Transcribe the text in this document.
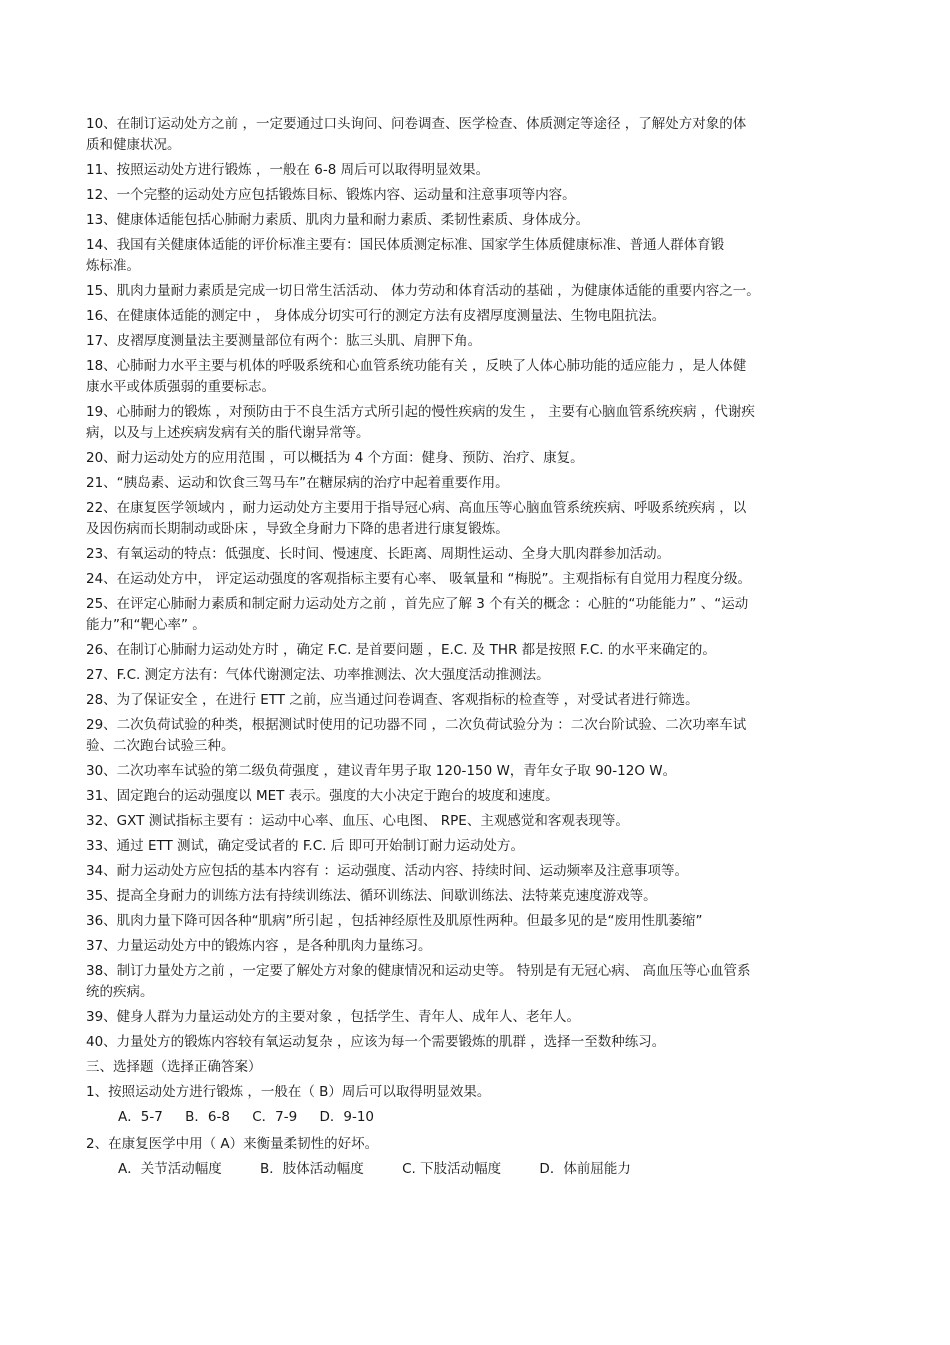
10、在制订运动处方之前 ，一定要通过口头询问、问卷调查、医学检查、体质测定等途径 ，了解处方对象的体
质和健康状况。
11、按照运动处方进行锻炼 ，一般在 6-8 周后可以取得明显效果。
12、一个完整的运动处方应包括锻炼目标、锻炼内容、运动量和注意事项等内容。
13、健康体适能包括心肺耐力素质、肌肉力量和耐力素质、柔韧性素质、身体成分。
14、我国有关健康体适能的评价标准主要有：国民体质测定标准、国家学生体质健康标准、普通人群体育锻
炼标准。
15、肌肉力量耐力素质是完成一切日常生活活动、 体力劳动和体育活动的基础 ，为健康体适能的重要内容之一。
16、在健康体适能的测定中 ， 身体成分切实可行的测定方法有皮褶厚度测量法、生物电阻抗法。
17、皮褶厚度测量法主要测量部位有两个：肱三头肌、肩胛下角。
18、心肺耐力水平主要与机体的呼吸系统和心血管系统功能有关 ，反映了人体心肺功能的适应能力 ，是人体健
康水平或体质强弱的重要标志。
19、心肺耐力的锻炼 ，对预防由于不良生活方式所引起的慢性疾病的发生 ， 主要有心脑血管系统疾病 ，代谢疾
病，以及与上述疾病发病有关的脂代谢异常等。
20、耐力运动处方的应用范围 ，可以概括为 4 个方面：健身、预防、治疗、康复。
21、“胰岛素、运动和饮食三驾马车”在糖尿病的治疗中起着重要作用。
22、在康复医学领域内 ，耐力运动处方主要用于指导冠心病、高血压等心脑血管系统疾病、呼吸系统疾病 ，以
及因伤病而长期制动或卧床 ，导致全身耐力下降的患者进行康复锻炼。
23、有氧运动的特点：低强度、长时间、慢速度、长距离、周期性运动、全身大肌肉群参加活动。
24、在运动处方中， 评定运动强度的客观指标主要有心率、 吸氧量和 “梅脱”。主观指标有自觉用力程度分级。
25、在评定心肺耐力素质和制定耐力运动处方之前 ，首先应了解 3 个有关的概念 ：心脏的“功能能力” 、“运动
能力”和“靶心率” 。
26、在制订心肺耐力运动处方时 ，确定 F.C. 是首要问题 ，E.C. 及 THR 都是按照 F.C. 的水平来确定的。
27、F.C. 测定方法有：气体代谢测定法、功率推测法、次大强度活动推测法。
28、为了保证安全 ，在进行 ETT 之前，应当通过问卷调查、客观指标的检查等 ，对受试者进行筛选。
29、二次负荷试验的种类，根据测试时使用的记功器不同 ，二次负荷试验分为 ：二次台阶试验、二次功率车试
验、二次跑台试验三种。
30、二次功率车试验的第二级负荷强度 ，建议青年男子取 120-150 W，青年女子取 90-12O W。
31、固定跑台的运动强度以 MET 表示。强度的大小决定于跑台的坡度和速度。
32、GXT 测试指标主要有 ：运动中心率、血压、心电图、 RPE、主观感觉和客观表现等。
33、通过 ETT 测试，确定受试者的 F.C. 后 即可开始制订耐力运动处方。
34、耐力运动处方应包括的基本内容有 ：运动强度、活动内容、持续时间、运动频率及注意事项等。
35、提高全身耐力的训练方法有持续训练法、循环训练法、间歇训练法、法特莱克速度游戏等。
36、肌肉力量下降可因各种“肌病”所引起 ，包括神经原性及肌原性两种。但最多见的是“废用性肌萎缩”
37、力量运动处方中的锻炼内容 ，是各种肌肉力量练习。
38、制订力量处方之前 ，一定要了解处方对象的健康情况和运动史等。 特别是有无冠心病、 高血压等心血管系
统的疾病。
39、健身人群为力量运动处方的主要对象 ，包括学生、青年人、成年人、老年人。
40、力量处方的锻炼内容较有氧运动复杂 ，应该为每一个需要锻炼的肌群 ，选择一至数种练习。
三、选择题（选择正确答案）
1、按照运动处方进行锻炼 ，一般在（ B）周后可以取得明显效果。
A．5-7 B．6-8 C．7-9 D．9-10
2、在康复医学中用（ A）来衡量柔韧性的好坏。
A．关节活动幅度	B．肢体活动幅度	C. 下肢活动幅度	D．体前屈能力
